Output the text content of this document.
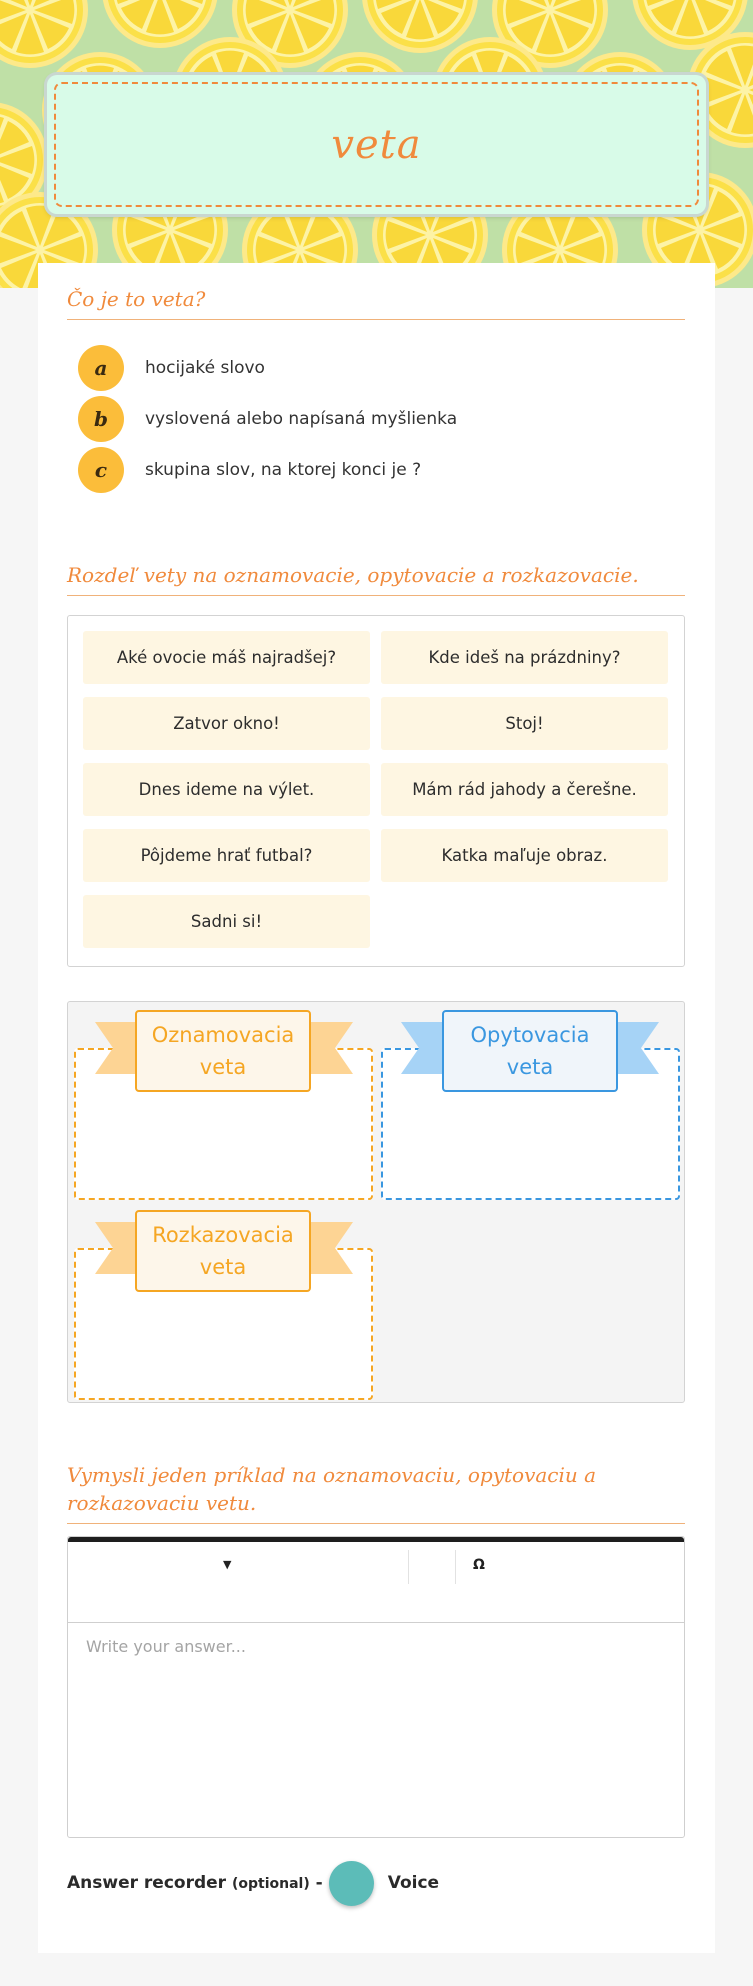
veta
Čo je to veta?
a	hocijaké slovo
b	vyslovená alebo napísaná myšlienka
c	skupina slov, na ktorej konci je ?
Rozdeľ vety na oznamovacie, opytovacie a rozkazovacie.
Aké ovocie máš najradšej?	Kde ideš na prázdniny?
Zatvor okno!	Stoj!
Dnes ideme na výlet.	Mám rád jahody a čerešne.
Pôjdeme hrať futbal?	Katka maľuje obraz.
Sadni si!
Oznamovacia
veta
Opytovacia
veta
Rozkazovacia
veta
Vymysli jeden príklad na oznamovaciu, opytovaciu a rozkazovaciu vetu.
▼	Ω
Write your answer...
Answer recorder (optional) -	Voice
